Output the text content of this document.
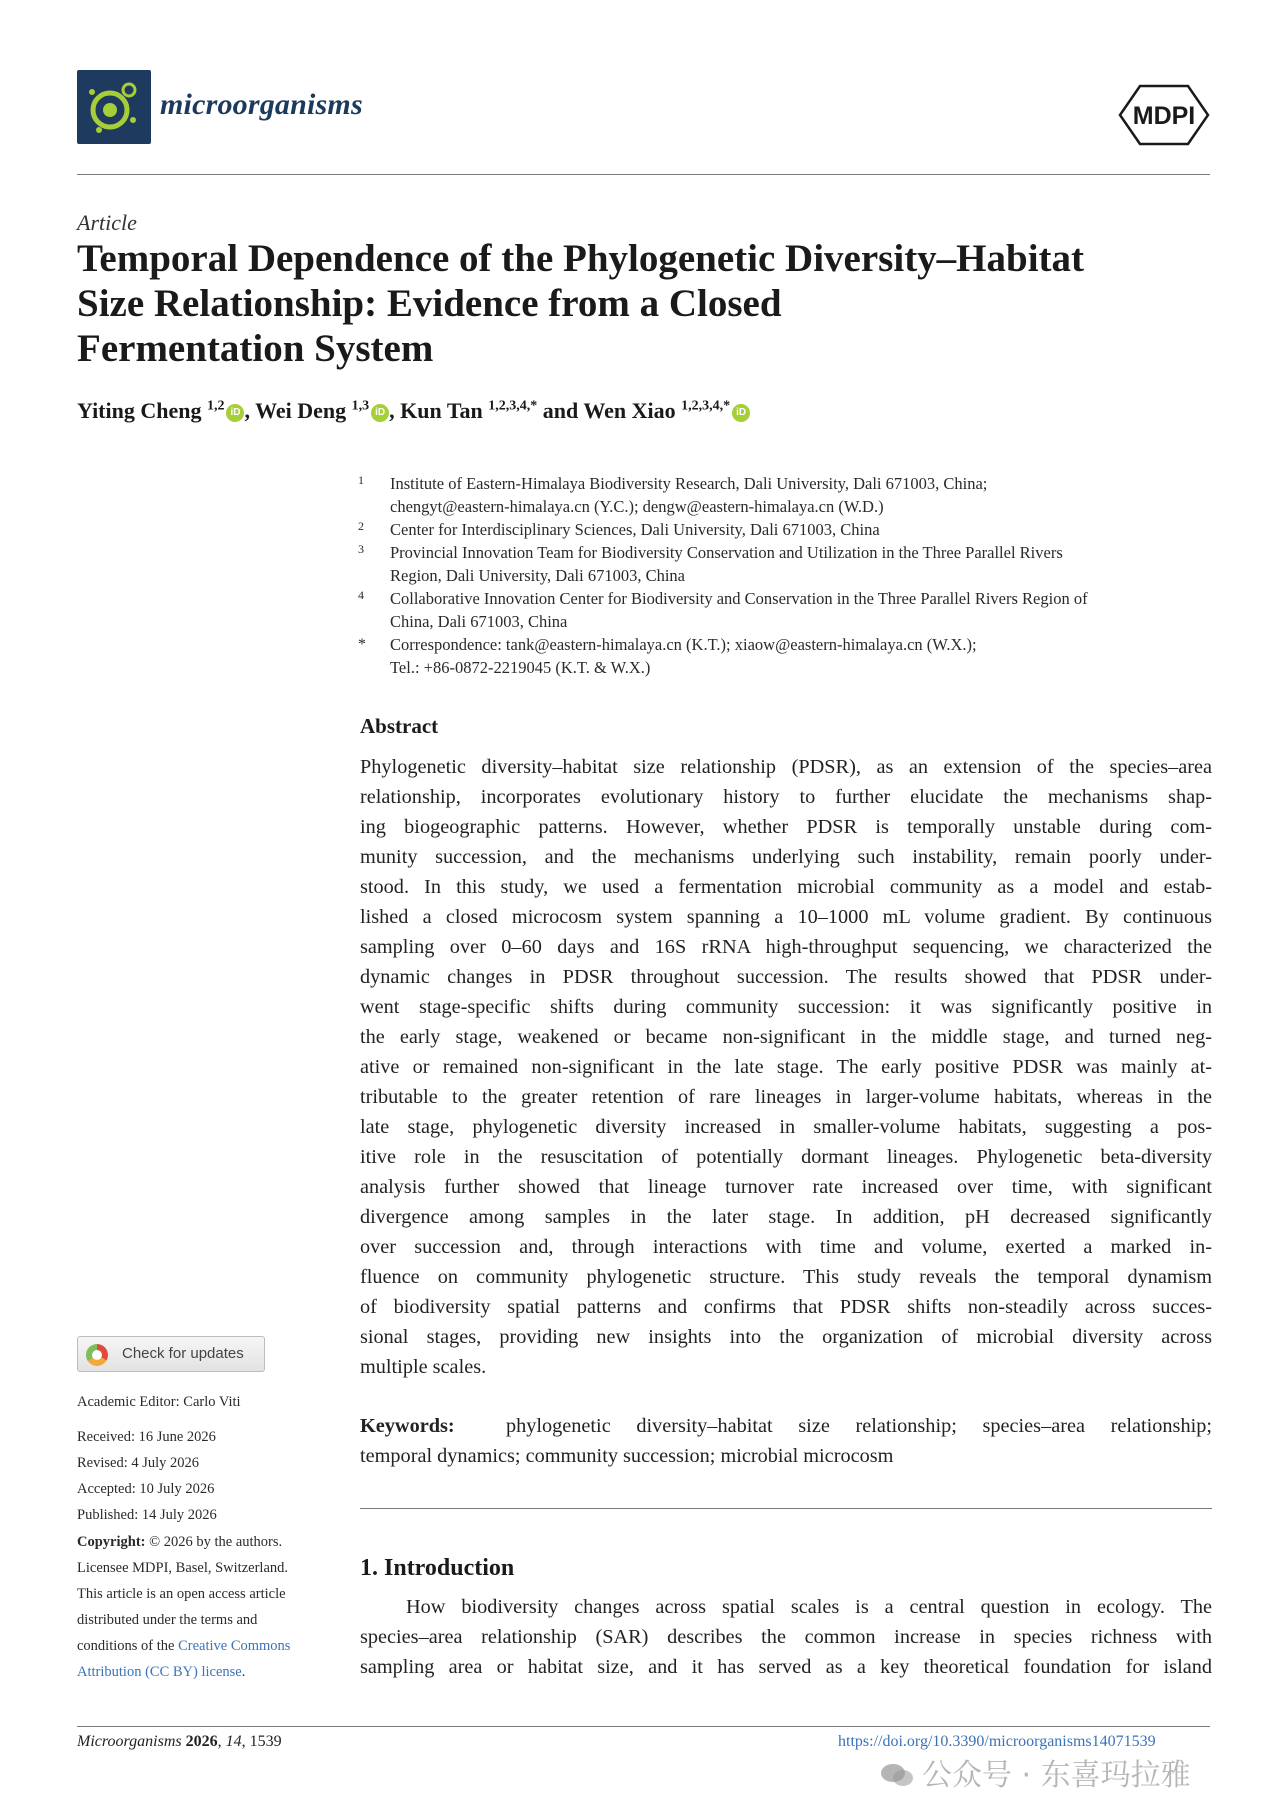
microorganisms	MDPI
Article
Temporal Dependence of the Phylogenetic Diversity–Habitat
Size Relationship: Evidence from a Closed
Fermentation System
Yiting Cheng $^{1,2}$ iD , Wei Deng $^{1,3}$ iD , Kun Tan $^{1,2,3,4,*}$ and Wen Xiao $^{1,2,3,4,*}$ iD
1 Institute of Eastern-Himalaya Biodiversity Research, Dali University, Dali 671003, China;
chengyt@eastern-himalaya.cn (Y.C.); dengw@eastern-himalaya.cn (W.D.)
2 Center for Interdisciplinary Sciences, Dali University, Dali 671003, China
3 Provincial Innovation Team for Biodiversity Conservation and Utilization in the Three Parallel Rivers
Region, Dali University, Dali 671003, China
4 Collaborative Innovation Center for Biodiversity and Conservation in the Three Parallel Rivers Region of
China, Dali 671003, China
* Correspondence: tank@eastern-himalaya.cn (K.T.); xiaow@eastern-himalaya.cn (W.X.);
Tel.: +86-0872-2219045 (K.T. & W.X.)
Abstract
Phylogenetic diversity–habitat size relationship (PDSR), as an extension of the species–area
relationship, incorporates evolutionary history to further elucidate the mechanisms shap-
ing biogeographic patterns. However, whether PDSR is temporally unstable during com-
munity succession, and the mechanisms underlying such instability, remain poorly under-
stood. In this study, we used a fermentation microbial community as a model and estab-
lished a closed microcosm system spanning a 10–1000 mL volume gradient. By continuous
sampling over 0–60 days and 16S rRNA high-throughput sequencing, we characterized the
dynamic changes in PDSR throughout succession. The results showed that PDSR under-
went stage-specific shifts during community succession: it was significantly positive in
the early stage, weakened or became non-significant in the middle stage, and turned neg-
ative or remained non-significant in the late stage. The early positive PDSR was mainly at-
tributable to the greater retention of rare lineages in larger-volume habitats, whereas in the
late stage, phylogenetic diversity increased in smaller-volume habitats, suggesting a pos-
itive role in the resuscitation of potentially dormant lineages. Phylogenetic beta-diversity
analysis further showed that lineage turnover rate increased over time, with significant
divergence among samples in the later stage. In addition, pH decreased significantly
over succession and, through interactions with time and volume, exerted a marked in-
fluence on community phylogenetic structure. This study reveals the temporal dynamism
of biodiversity spatial patterns and confirms that PDSR shifts non-steadily across succes-
sional stages, providing new insights into the organization of microbial diversity across
multiple scales.
Keywords:	phylogenetic diversity–habitat size relationship; species–area relationship;
temporal dynamics; community succession; microbial microcosm
1. Introduction
How biodiversity changes across spatial scales is a central question in ecology. The
species–area relationship (SAR) describes the common increase in species richness with
sampling area or habitat size, and it has served as a key theoretical foundation for island
Check for updates
Academic Editor: Carlo Viti
Received: 16 June 2026
Revised: 4 July 2026
Accepted: 10 July 2026
Published: 14 July 2026
Copyright: © 2026 by the authors.
Licensee MDPI, Basel, Switzerland.
This article is an open access article
distributed under the terms and
conditions of the Creative Commons
Attribution (CC BY) license.
Microorganisms 2026, 14, 1539	https://doi.org/10.3390/microorganisms14071539
公众号 · 东喜玛拉雅
